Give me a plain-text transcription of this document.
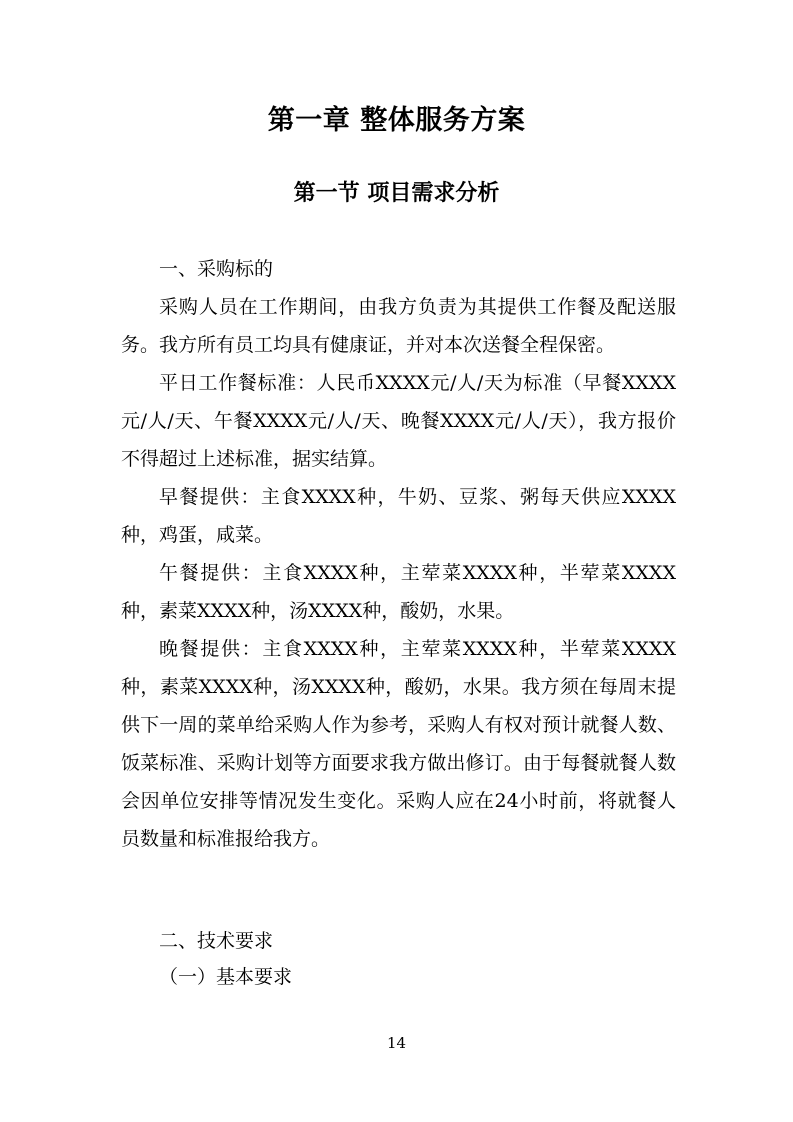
第一章 整体服务方案
第一节 项目需求分析

一、采购标的

采购人员在工作期间，由我方负责为其提供工作餐及配送服务。我方所有员工均具有健康证，并对本次送餐全程保密。

平日工作餐标准：人民币XXXX元/人/天为标准（早餐XXXX元/人/天、午餐XXXX元/人/天、晚餐XXXX元/人/天），我方报价不得超过上述标准，据实结算。

早餐提供：主食XXXX种，牛奶、豆浆、粥每天供应XXXX种，鸡蛋，咸菜。

午餐提供：主食XXXX种，主荤菜XXXX种，半荤菜XXXX种，素菜XXXX种，汤XXXX种，酸奶，水果。

晚餐提供：主食XXXX种，主荤菜XXXX种，半荤菜XXXX种，素菜XXXX种，汤XXXX种，酸奶，水果。我方须在每周末提供下一周的菜单给采购人作为参考，采购人有权对预计就餐人数、饭菜标准、采购计划等方面要求我方做出修订。由于每餐就餐人数会因单位安排等情况发生变化。采购人应在24小时前，将就餐人员数量和标准报给我方。

二、技术要求
（一）基本要求
14
